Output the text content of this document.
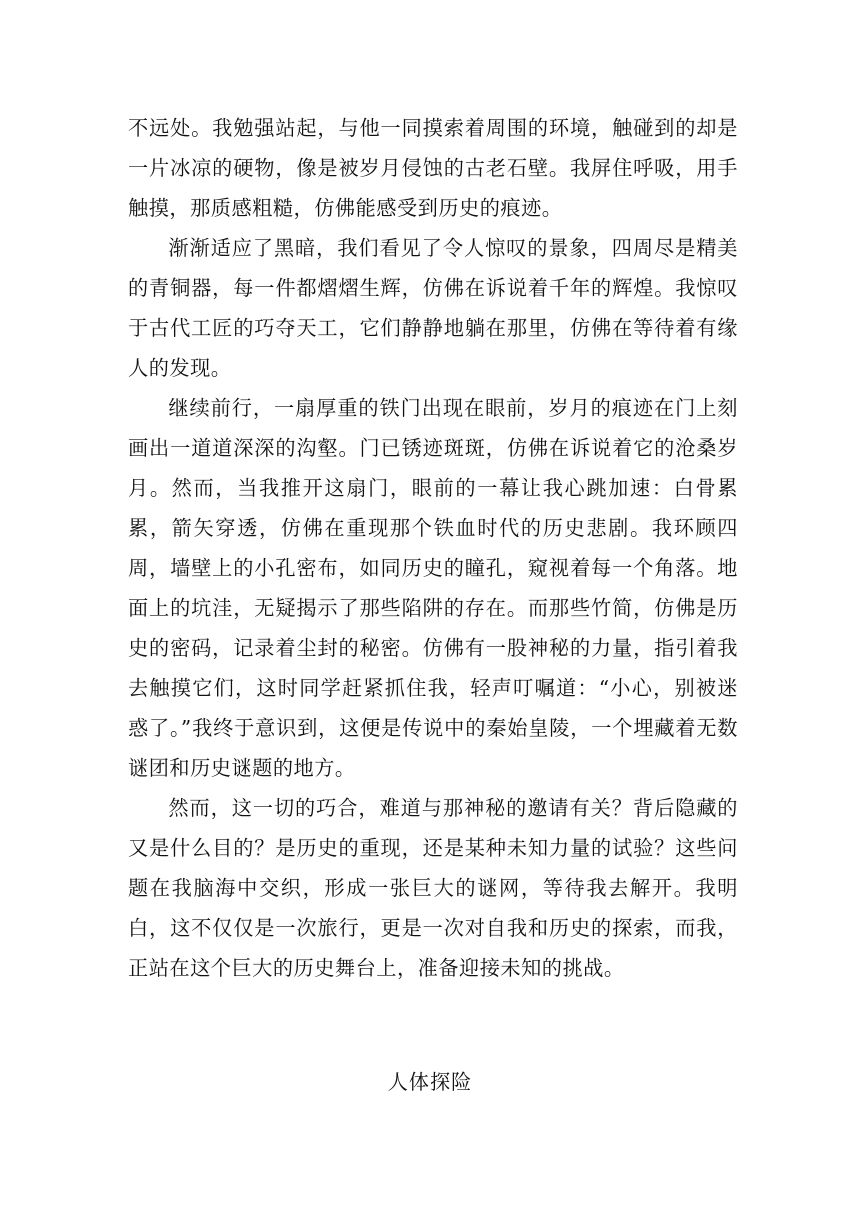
不远处。我勉强站起，与他一同摸索着周围的环境，触碰到的却是一片冰凉的硬物，像是被岁月侵蚀的古老石壁。我屏住呼吸，用手触摸，那质感粗糙，仿佛能感受到历史的痕迹。

渐渐适应了黑暗，我们看见了令人惊叹的景象，四周尽是精美的青铜器，每一件都熠熠生辉，仿佛在诉说着千年的辉煌。我惊叹于古代工匠的巧夺天工，它们静静地躺在那里，仿佛在等待着有缘人的发现。

继续前行，一扇厚重的铁门出现在眼前，岁月的痕迹在门上刻画出一道道深深的沟壑。门已锈迹斑斑，仿佛在诉说着它的沧桑岁月。然而，当我推开这扇门，眼前的一幕让我心跳加速：白骨累累，箭矢穿透，仿佛在重现那个铁血时代的历史悲剧。我环顾四周，墙壁上的小孔密布，如同历史的瞳孔，窥视着每一个角落。地面上的坑洼，无疑揭示了那些陷阱的存在。而那些竹简，仿佛是历史的密码，记录着尘封的秘密。仿佛有一股神秘的力量，指引着我去触摸它们，这时同学赶紧抓住我，轻声叮嘱道：“小心，别被迷惑了。”我终于意识到，这便是传说中的秦始皇陵，一个埋藏着无数谜团和历史谜题的地方。

然而，这一切的巧合，难道与那神秘的邀请有关？背后隐藏的又是什么目的？是历史的重现，还是某种未知力量的试验？这些问题在我脑海中交织，形成一张巨大的谜网，等待我去解开。我明白，这不仅仅是一次旅行，更是一次对自我和历史的探索，而我，正站在这个巨大的历史舞台上，准备迎接未知的挑战。

人体探险
